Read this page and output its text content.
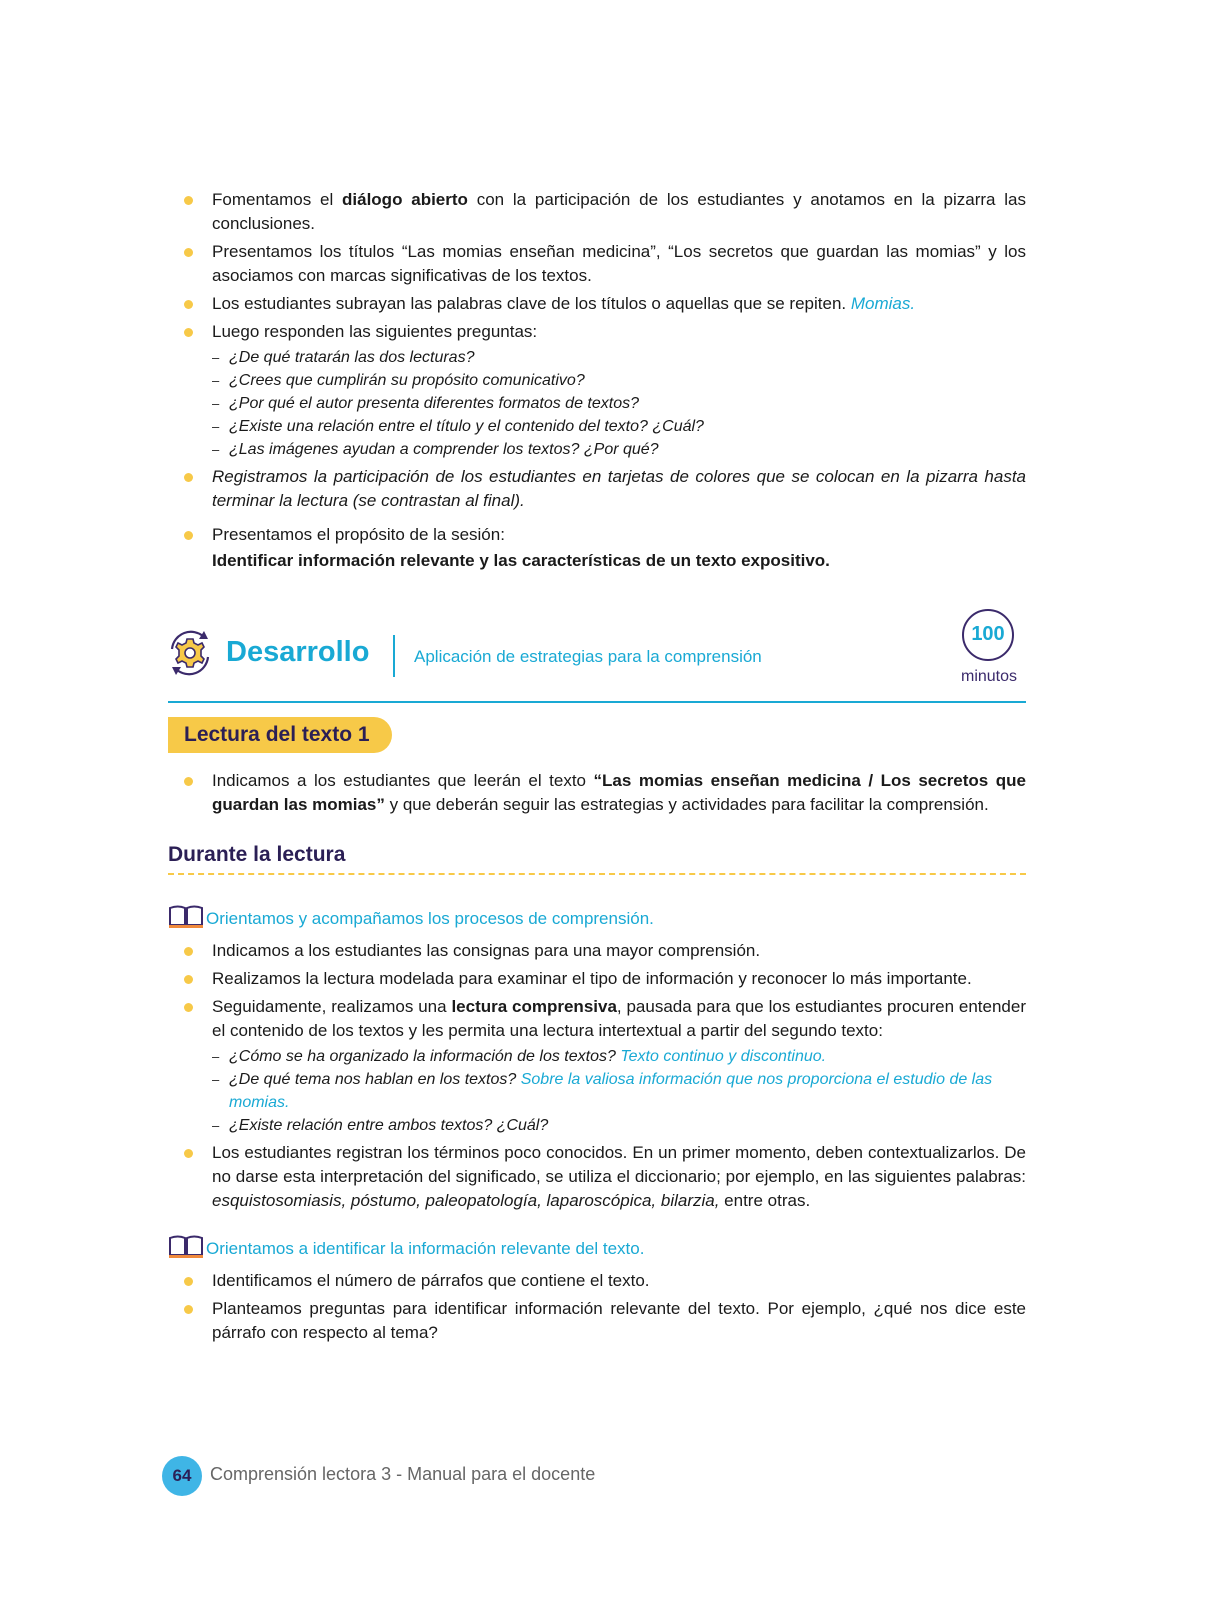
Fomentamos el diálogo abierto con la participación de los estudiantes y anotamos en la pizarra las conclusiones.
Presentamos los títulos “Las momias enseñan medicina”, “Los secretos que guardan las momias” y los asociamos con marcas significativas de los textos.
Los estudiantes subrayan las palabras clave de los títulos o aquellas que se repiten. Momias.
Luego responden las siguientes preguntas:
– ¿De qué tratarán las dos lecturas?
– ¿Crees que cumplirán su propósito comunicativo?
– ¿Por qué el autor presenta diferentes formatos de textos?
– ¿Existe una relación entre el título y el contenido del texto? ¿Cuál?
– ¿Las imágenes ayudan a comprender los textos? ¿Por qué?
Registramos la participación de los estudiantes en tarjetas de colores que se colocan en la pizarra hasta terminar la lectura (se contrastan al final).
Presentamos el propósito de la sesión:
Identificar información relevante y las características de un texto expositivo.
Desarrollo	Aplicación de estrategias para la comprensión
100
minutos
Lectura del texto 1
Indicamos a los estudiantes que leerán el texto “Las momias enseñan medicina / Los secretos que guardan las momias” y que deberán seguir las estrategias y actividades para facilitar la comprensión.
Durante la lectura
Orientamos y acompañamos los procesos de comprensión.
Indicamos a los estudiantes las consignas para una mayor comprensión.
Realizamos la lectura modelada para examinar el tipo de información y reconocer lo más importante.
Seguidamente, realizamos una lectura comprensiva, pausada para que los estudiantes procuren entender el contenido de los textos y les permita una lectura intertextual a partir del segundo texto:
– ¿Cómo se ha organizado la información de los textos? Texto continuo y discontinuo.
– ¿De qué tema nos hablan en los textos? Sobre la valiosa información que nos proporciona el estudio de las momias.
– ¿Existe relación entre ambos textos? ¿Cuál?
Los estudiantes registran los términos poco conocidos. En un primer momento, deben contextualizarlos. De no darse esta interpretación del significado, se utiliza el diccionario; por ejemplo, en las siguientes palabras: esquistosomiasis, póstumo, paleopatología, laparoscópica, bilarzia, entre otras.
Orientamos a identificar la información relevante del texto.
Identificamos el número de párrafos que contiene el texto.
Planteamos preguntas para identificar información relevante del texto. Por ejemplo, ¿qué nos dice este párrafo con respecto al tema?
64	Comprensión lectora 3 - Manual para el docente
